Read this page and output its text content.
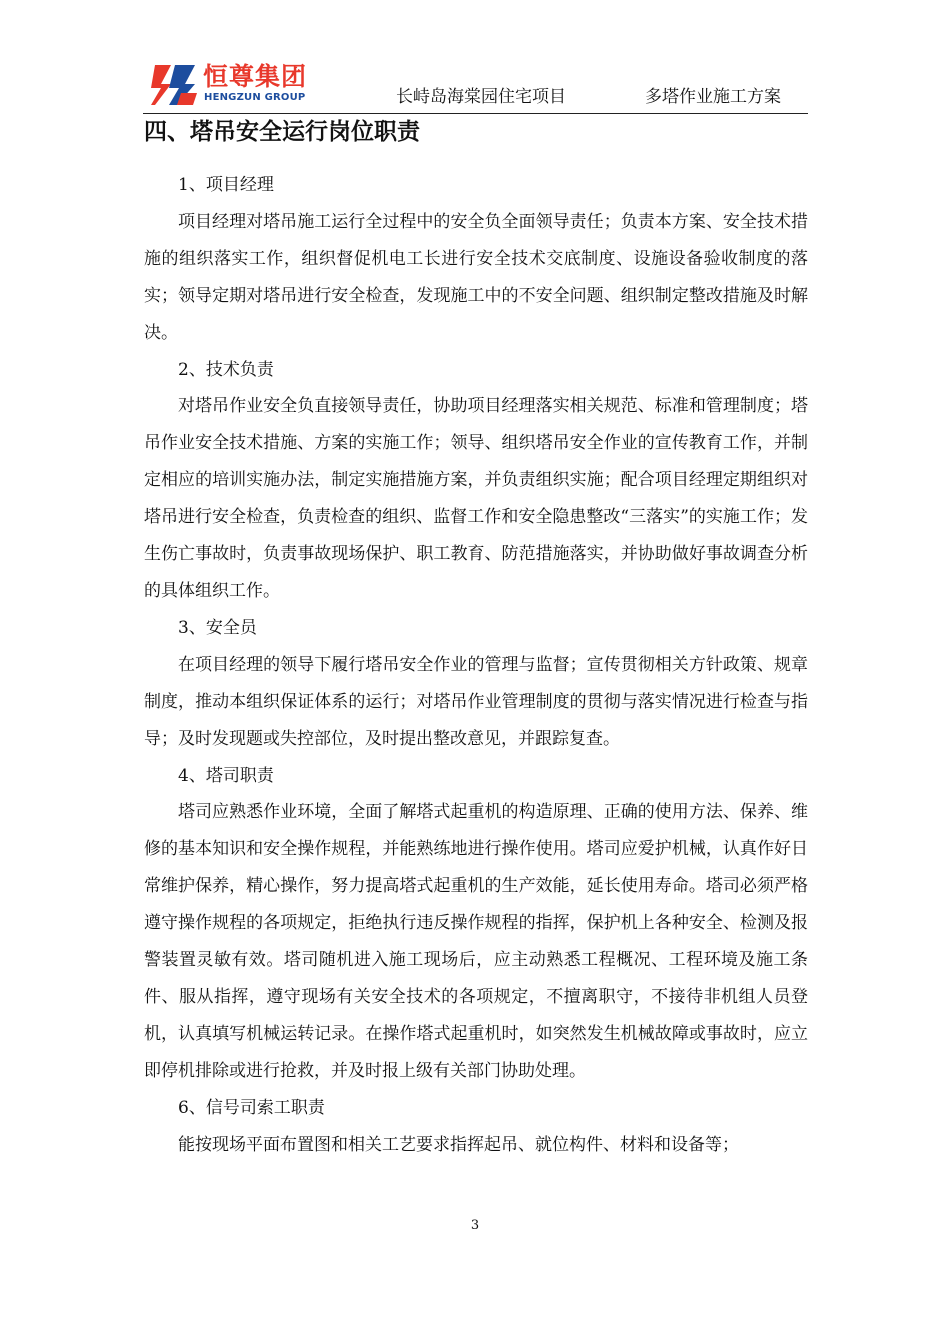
恒尊集团
HENGZUN GROUP	长峙岛海棠园住宅项目	多塔作业施工方案
四、塔吊安全运行岗位职责

1、项目经理

项目经理对塔吊施工运行全过程中的安全负全面领导责任；负责本方案、安全技术措施的组织落实工作，组织督促机电工长进行安全技术交底制度、设施设备验收制度的落实；领导定期对塔吊进行安全检查，发现施工中的不安全问题、组织制定整改措施及时解决。

2、技术负责

对塔吊作业安全负直接领导责任，协助项目经理落实相关规范、标准和管理制度；塔吊作业安全技术措施、方案的实施工作；领导、组织塔吊安全作业的宣传教育工作，并制定相应的培训实施办法，制定实施措施方案，并负责组织实施；配合项目经理定期组织对塔吊进行安全检查，负责检查的组织、监督工作和安全隐患整改“三落实”的实施工作；发生伤亡事故时，负责事故现场保护、职工教育、防范措施落实，并协助做好事故调查分析的具体组织工作。

3、安全员

在项目经理的领导下履行塔吊安全作业的管理与监督；宣传贯彻相关方针政策、规章制度，推动本组织保证体系的运行；对塔吊作业管理制度的贯彻与落实情况进行检查与指导；及时发现题或失控部位，及时提出整改意见，并跟踪复查。

4、塔司职责

塔司应熟悉作业环境，全面了解塔式起重机的构造原理、正确的使用方法、保养、维修的基本知识和安全操作规程，并能熟练地进行操作使用。塔司应爱护机械，认真作好日常维护保养，精心操作，努力提高塔式起重机的生产效能，延长使用寿命。塔司必须严格遵守操作规程的各项规定，拒绝执行违反操作规程的指挥，保护机上各种安全、检测及报警装置灵敏有效。塔司随机进入施工现场后，应主动熟悉工程概况、工程环境及施工条件、服从指挥，遵守现场有关安全技术的各项规定，不擅离职守，不接待非机组人员登机，认真填写机械运转记录。在操作塔式起重机时，如突然发生机械故障或事故时，应立即停机排除或进行抢救，并及时报上级有关部门协助处理。

6、信号司索工职责

能按现场平面布置图和相关工艺要求指挥起吊、就位构件、材料和设备等；

3
